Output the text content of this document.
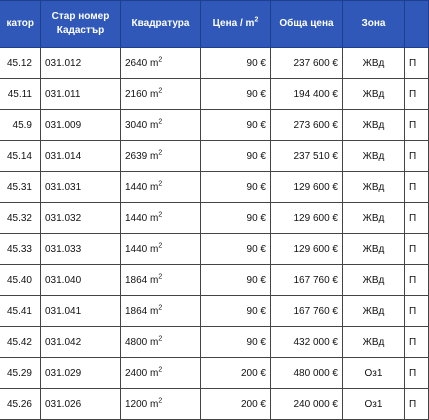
катор	Стар номер Кадастър	Квадратура	Цена / $m^2$	Обща цена	Зона	
45.12	031.012	2640 $m^2$	90 €	237 600 €	ЖВд	П
45.11	031.011	2160 $m^2$	90 €	194 400 €	ЖВд	П
45.9	031.009	3040 $m^2$	90 €	273 600 €	ЖВд	П
45.14	031.014	2639 $m^2$	90 €	237 510 €	ЖВд	П
45.31	031.031	1440 $m^2$	90 €	129 600 €	ЖВд	П
45.32	031.032	1440 $m^2$	90 €	129 600 €	ЖВд	П
45.33	031.033	1440 $m^2$	90 €	129 600 €	ЖВд	П
45.40	031.040	1864 $m^2$	90 €	167 760 €	ЖВд	П
45.41	031.041	1864 $m^2$	90 €	167 760 €	ЖВд	П
45.42	031.042	4800 $m^2$	90 €	432 000 €	ЖВд	П
45.29	031.029	2400 $m^2$	200 €	480 000 €	Оз1	П
45.26	031.026	1200 $m^2$	200 €	240 000 €	Оз1	П
